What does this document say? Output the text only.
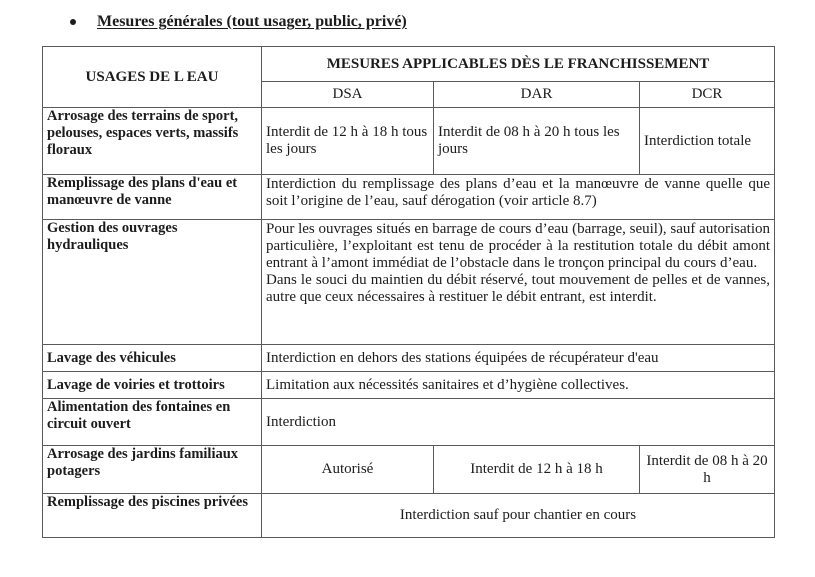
Mesures générales (tout usager, public, privé)
USAGES DE L EAU	MESURES APPLICABLES DÈS LE FRANCHISSEMENT		
	DSA	DAR	DCR
Arrosage des terrains de sport, pelouses, espaces verts, massifs floraux	Interdit de 12 h à 18 h tous les jours	Interdit de 08 h à 20 h tous les jours	Interdiction totale
Remplissage des plans d'eau et manœuvre de vanne	Interdiction du remplissage des plans d’eau et la manœuvre de vanne quelle que soit l’origine de l’eau, sauf dérogation (voir article 8.7)		
Gestion des ouvrages hydrauliques	Pour les ouvrages situés en barrage de cours d’eau (barrage, seuil), sauf autorisation particulière, l’exploitant est tenu de procéder à la restitution totale du débit amont entrant à l’amont immédiat de l’obstacle dans le tronçon principal du cours d’eau.
Dans le souci du maintien du débit réservé, tout mouvement de pelles et de vannes, autre que ceux nécessaires à restituer le débit entrant, est interdit.		

Lavage des véhicules	Interdiction en dehors des stations équipées de récupérateur d'eau		
Lavage de voiries et trottoirs	Limitation aux nécessités sanitaires et d’hygiène collectives.		
Alimentation des fontaines en circuit ouvert	Interdiction		
Arrosage des jardins familiaux potagers	Autorisé	Interdit de 12 h à 18 h	Interdit de 08 h à 20 h
Remplissage des piscines privées	Interdiction sauf pour chantier en cours		
